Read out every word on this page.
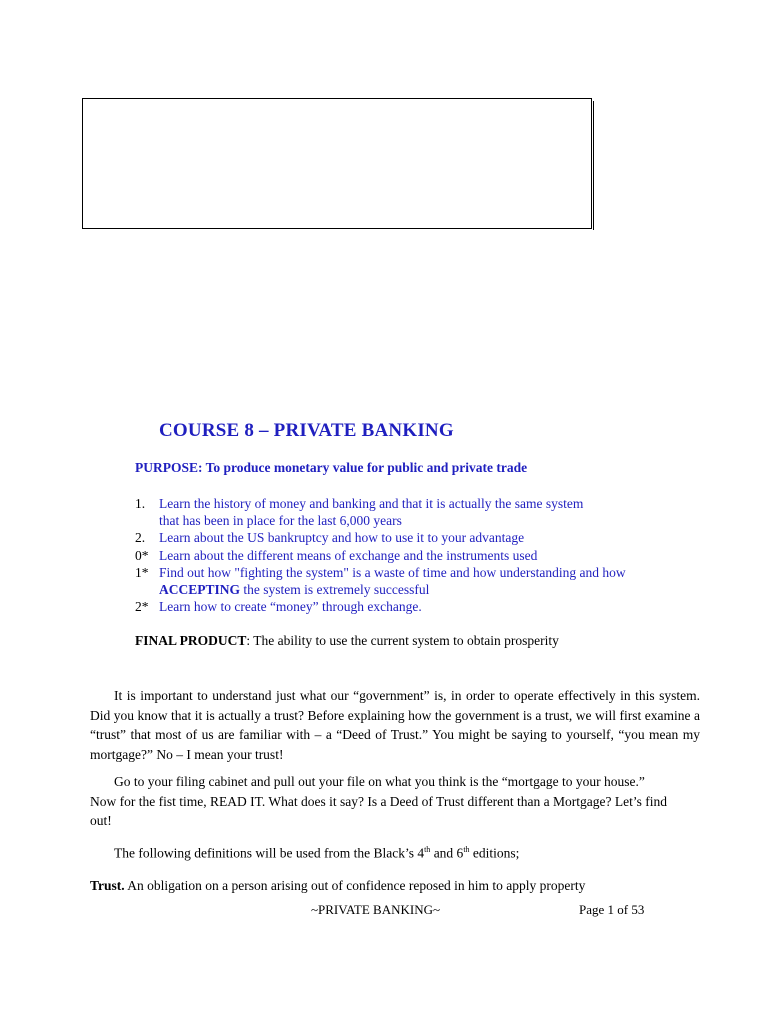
COURSE 8 – PRIVATE BANKING
PURPOSE: To produce monetary value for public and private trade
1.	Learn the history of money and banking and that it is actually the same system
that has been in place for the last 6,000 years
2.	Learn about the US bankruptcy and how to use it to your advantage
0* Learn about the different means of exchange and the instruments used
1* Find out how "fighting the system" is a waste of time and how understanding and how
ACCEPTING the system is extremely successful
2* Learn how to create “money” through exchange.
FINAL PRODUCT: The ability to use the current system to obtain prosperity
It is important to understand just what our “government” is, in order to operate effectively in this system. Did you know that it is actually a trust? Before explaining how the government is a trust, we will first examine a “trust” that most of us are familiar with – a “Deed of Trust.” You might be saying to yourself, “you mean my mortgage?” No – I mean your trust!
Go to your filing cabinet and pull out your file on what you think is the “mortgage to your house.” Now for the fist time, READ IT. What does it say? Is a Deed of Trust different than a Mortgage? Let’s find out!
The following definitions will be used from the Black’s 4th and 6th editions;
Trust. An obligation on a person arising out of confidence reposed in him to apply property
~PRIVATE BANKING~	Page 1 of 53
